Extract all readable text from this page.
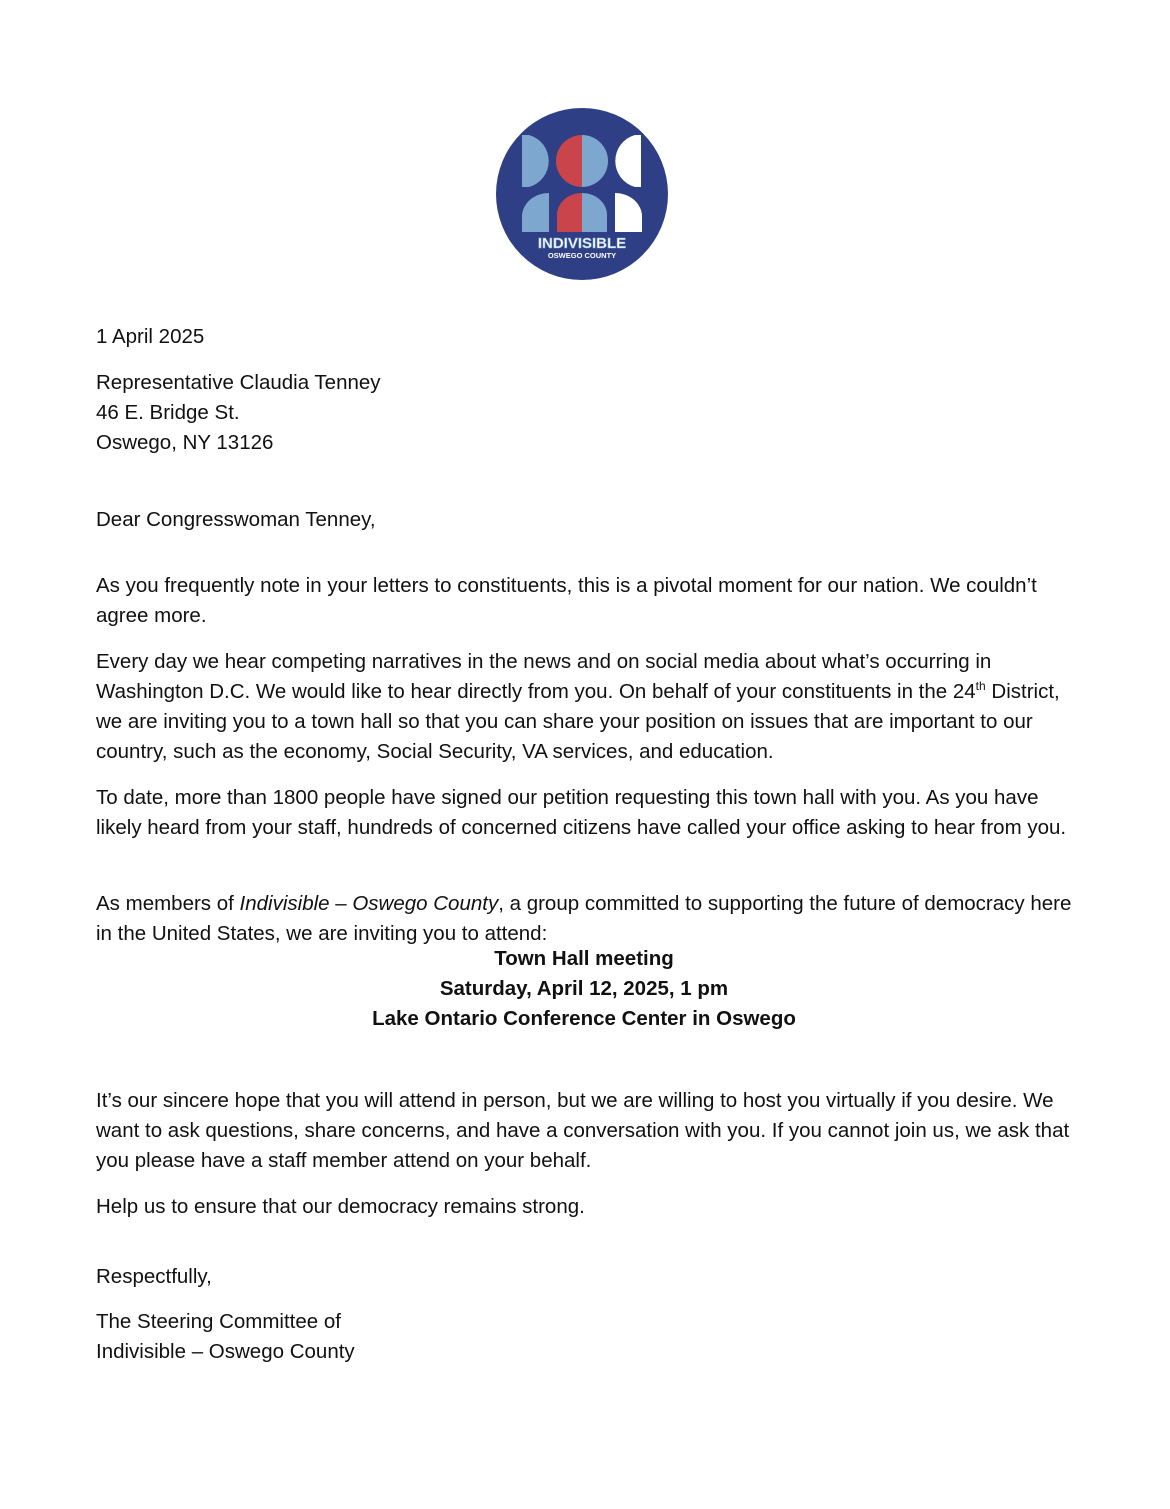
INDIVISIBLE
OSWEGO COUNTY
1 April 2025
Representative Claudia Tenney
46 E. Bridge St.
Oswego, NY 13126
Dear Congresswoman Tenney,

As you frequently note in your letters to constituents, this is a pivotal moment for our nation. We couldn’t agree more.

Every day we hear competing narratives in the news and on social media about what’s occurring in Washington D.C. We would like to hear directly from you. On behalf of your constituents in the 24th District, we are inviting you to a town hall so that you can share your position on issues that are important to our country, such as the economy, Social Security, VA services, and education.

To date, more than 1800 people have signed our petition requesting this town hall with you. As you have likely heard from your staff, hundreds of concerned citizens have called your office asking to hear from you.

As members of Indivisible – Oswego County, a group committed to supporting the future of democracy here in the United States, we are inviting you to attend:

Town Hall meeting
Saturday, April 12, 2025, 1 pm
Lake Ontario Conference Center in Oswego

It’s our sincere hope that you will attend in person, but we are willing to host you virtually if you desire. We want to ask questions, share concerns, and have a conversation with you. If you cannot join us, we ask that you please have a staff member attend on your behalf.

Help us to ensure that our democracy remains strong.

Respectfully,
The Steering Committee of
Indivisible – Oswego County
